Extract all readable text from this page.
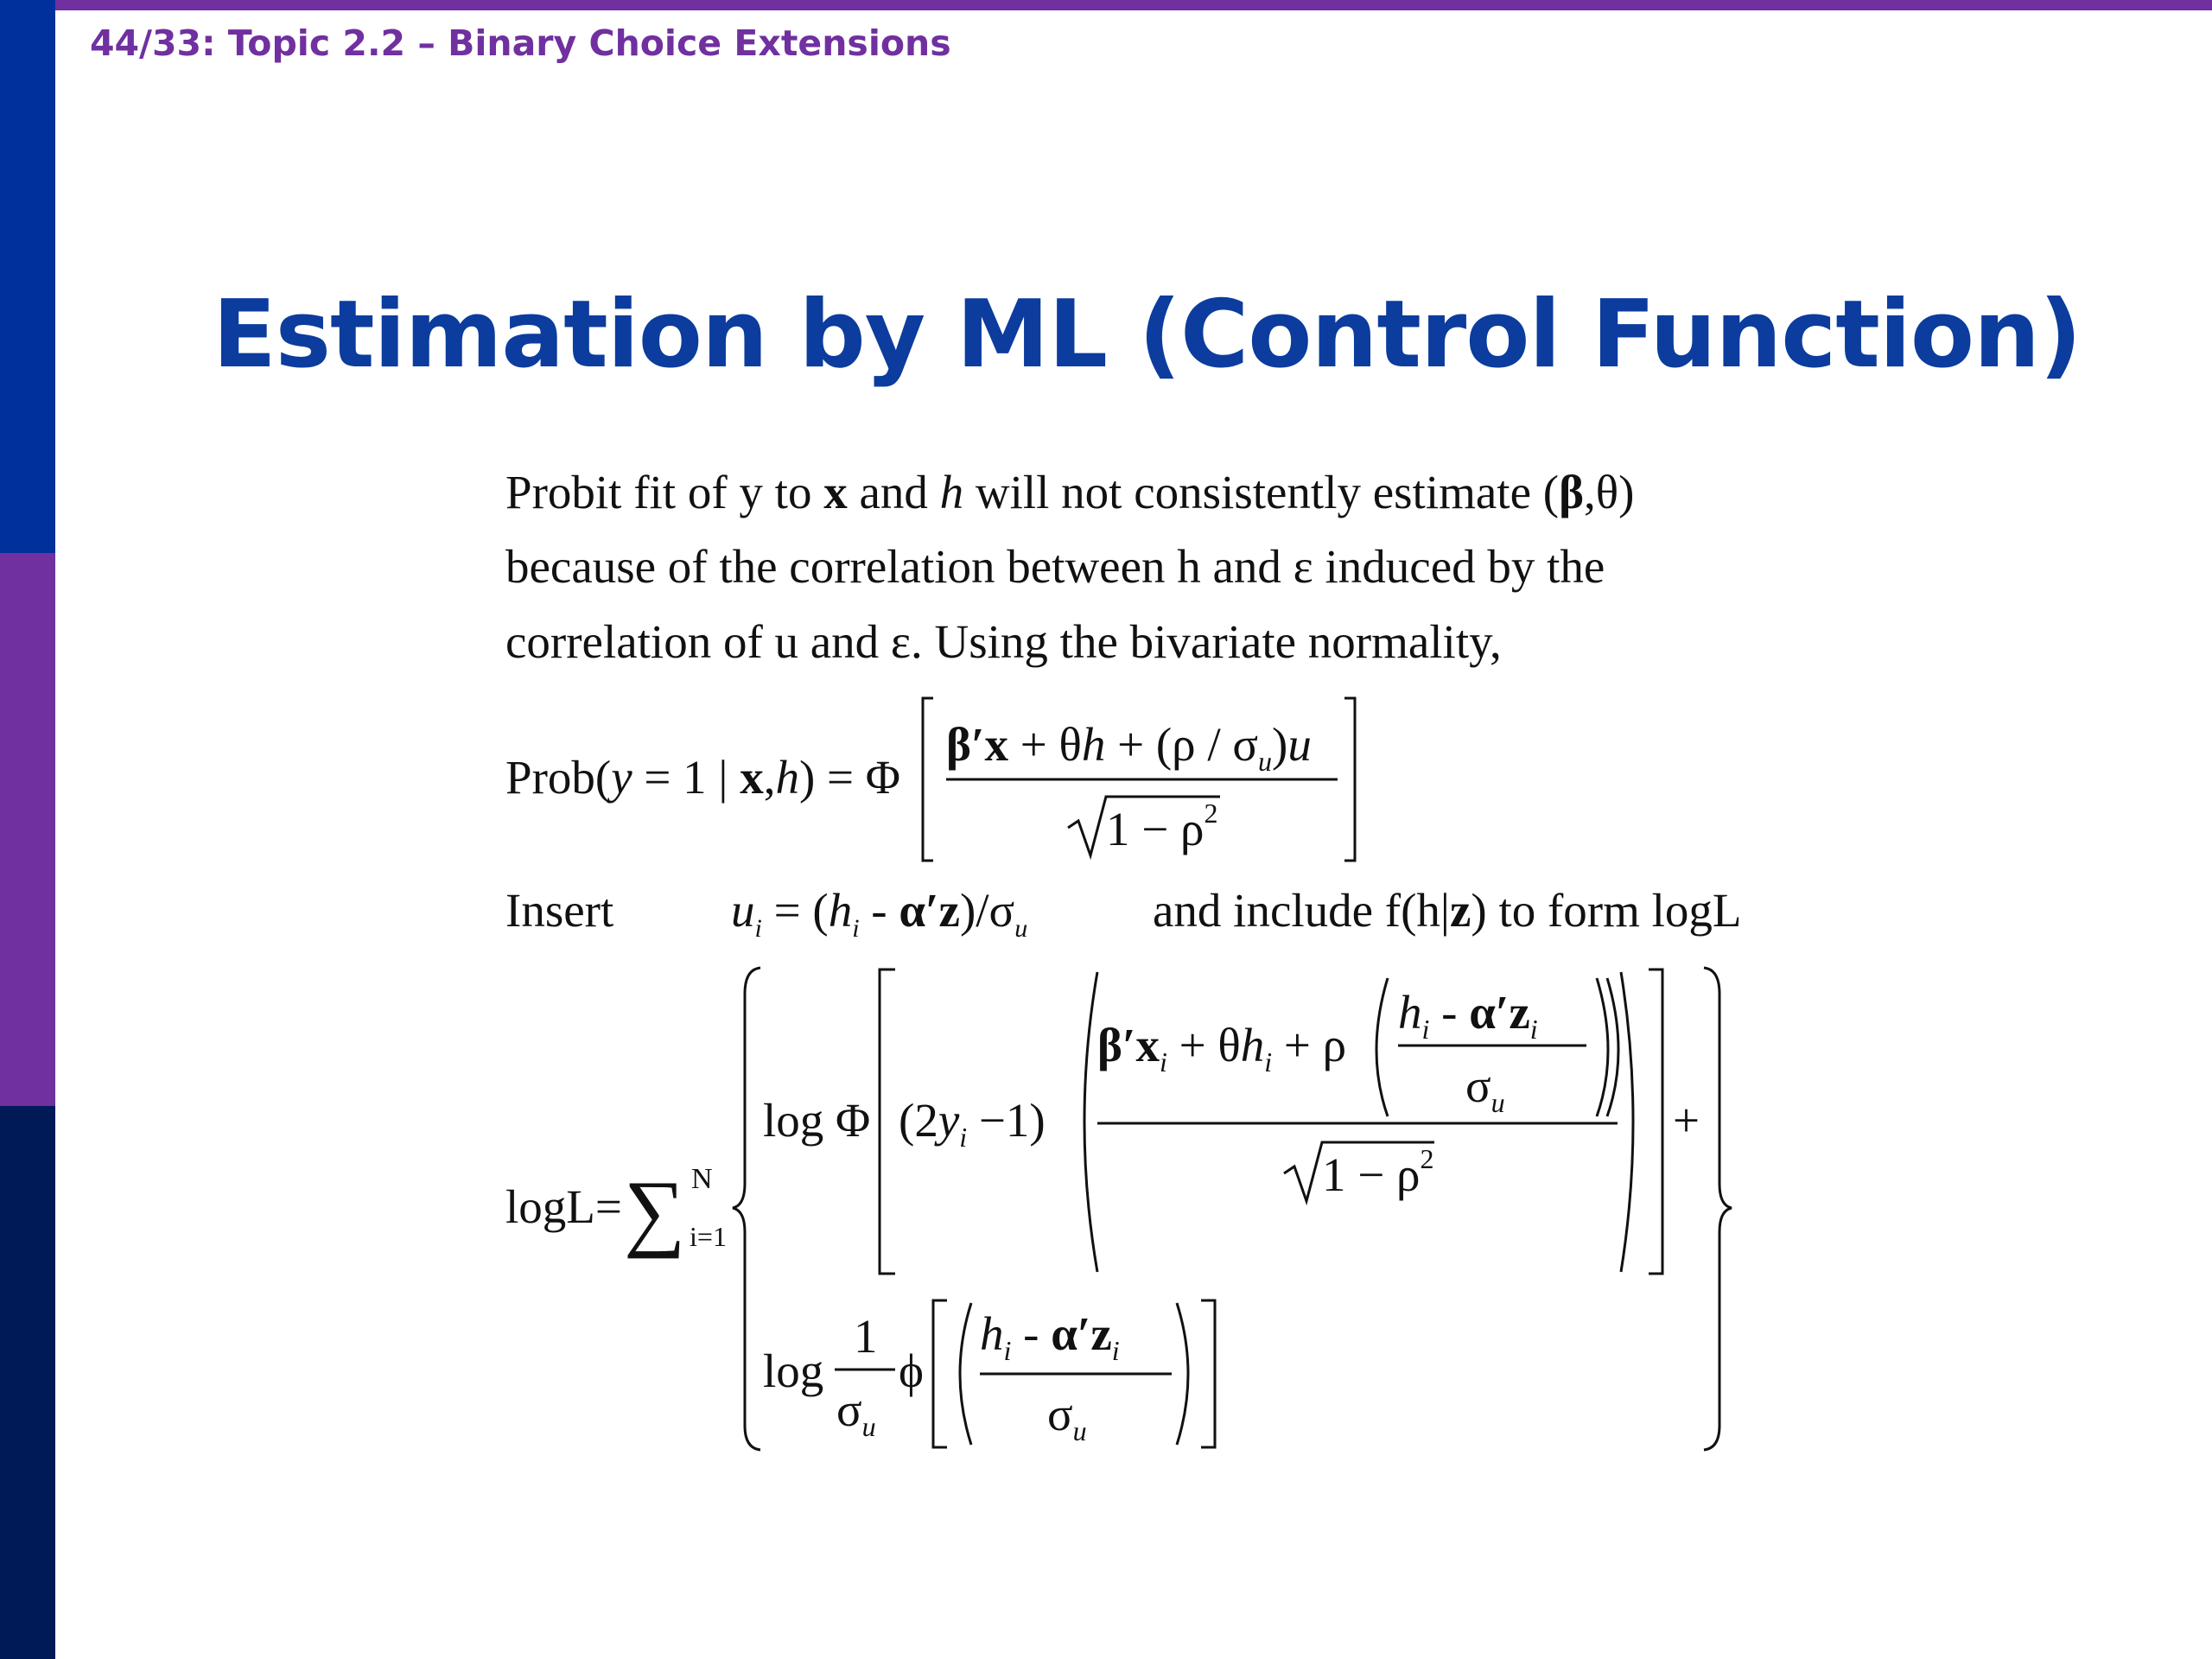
44/33: Topic 2.2 – Binary Choice Extensions
Estimation by ML (Control Function)
Probit fit of y to x and h will not consistently estimate (β,θ)
because of the correlation between h and ε induced by the
correlation of u and ε. Using the bivariate normality,
Prob(y = 1 | x,h) = Φ
$\beta'x + \theta h + (\rho / \sigma_u)u$
$1 - \rho^2$
Insert $u_i = (h_i - \alpha'z)/\sigma_u$	and include f(h|z) to form logL
logL= ∑ N
i=1
log Φ $(2y_i -1)$
$\beta'x_i + \theta h_i + \rho$
$h_i - \alpha'z_i$
$\sigma_u$
$1 - \rho^2$
+
log
1
$\sigma_u$
ϕ
$h_i - \alpha'z_i$
$\sigma_u$
